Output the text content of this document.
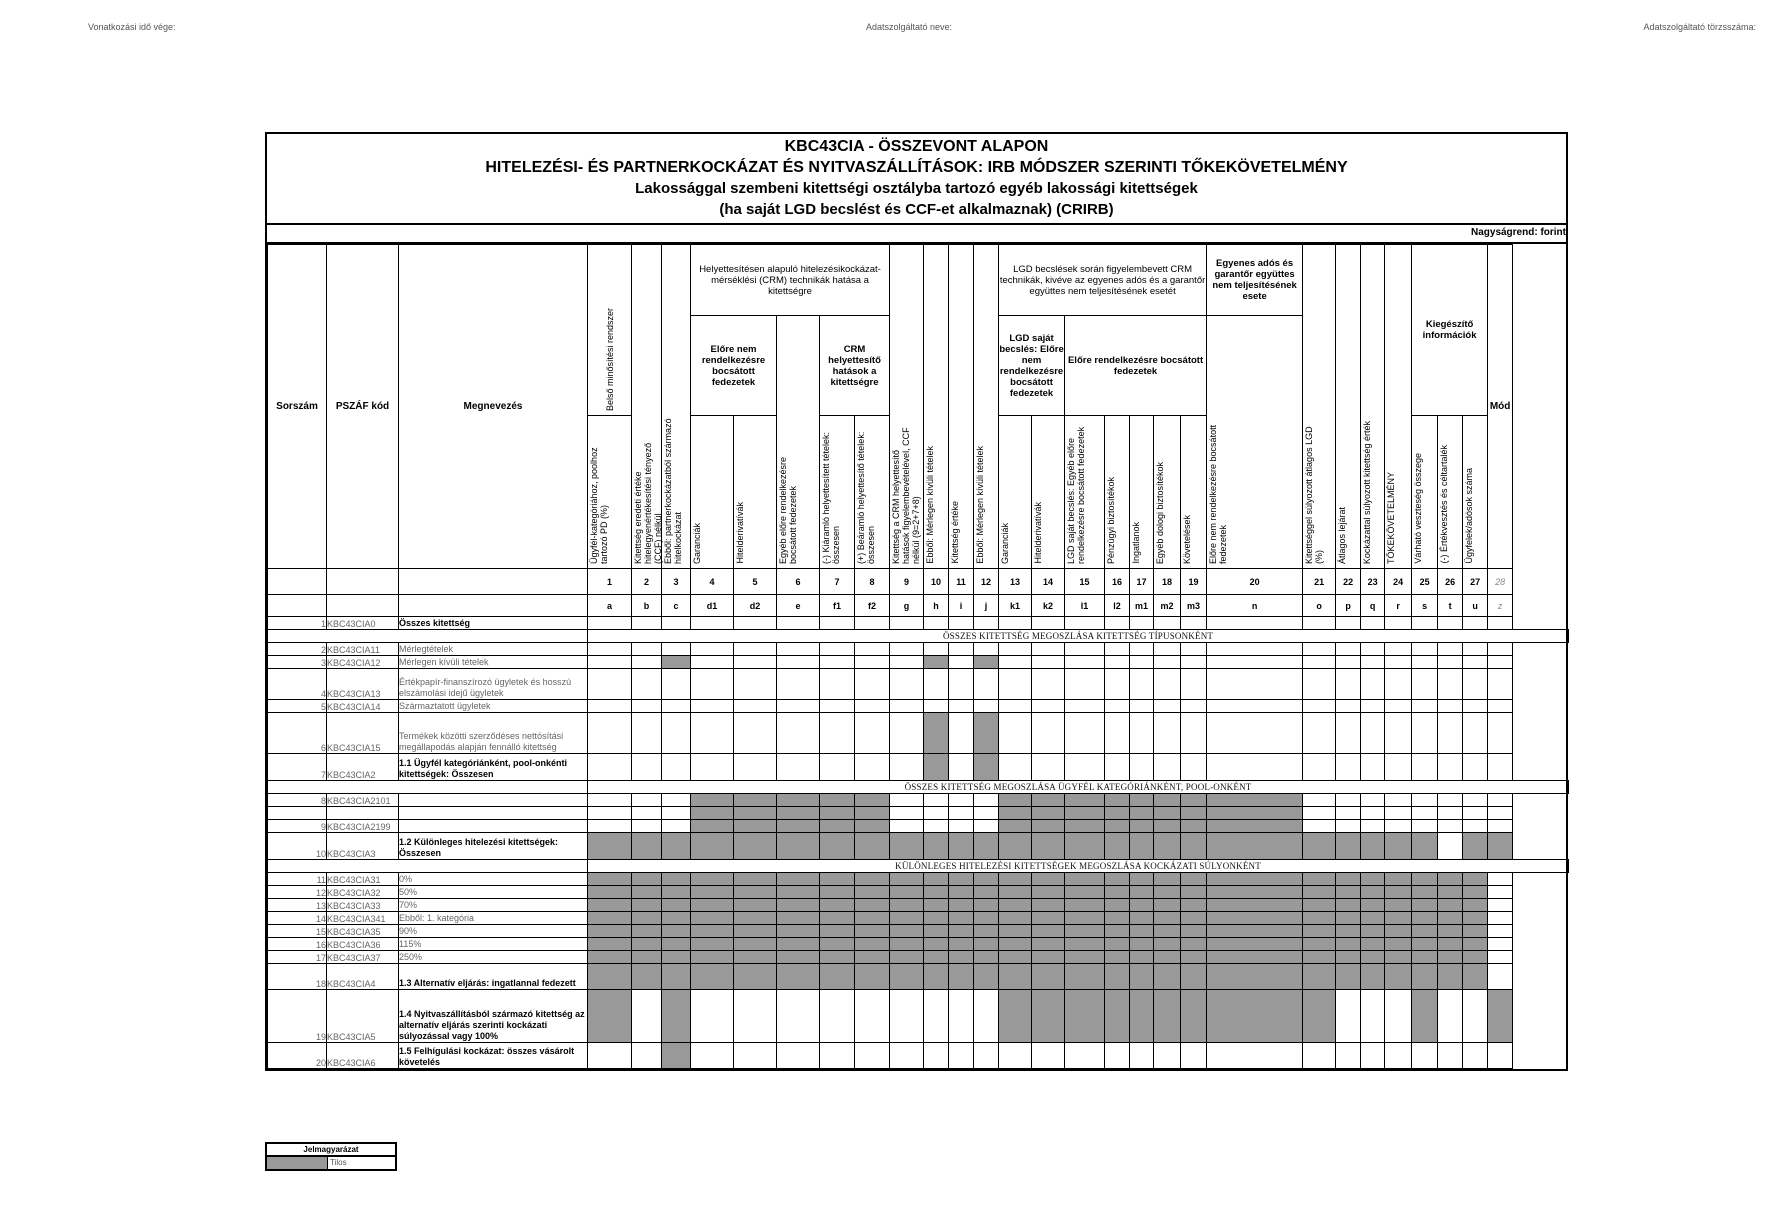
Vonatkozási idő vége:	Adatszolgáltató neve:	Adatszolgáltató törzsszáma:
KBC43CIA - ÖSSZEVONT ALAPON
HITELEZÉSI- ÉS PARTNERKOCKÁZAT ÉS NYITVASZÁLLÍTÁSOK: IRB MÓDSZER SZERINTI TŐKEKÖVETELMÉNY
Lakossággal szembeni kitettségi osztályba tartozó egyéb lakossági kitettségek
(ha saját LGD becslést és CCF-et alkalmaznak) (CRIRB)
Nagyságrend: forint
Sorszám	PSZÁF kód	Megnevezés	Belső minősítési rendszer	Kitettség eredeti értéke hitelegyenértékesítési tényező (CCF) nélkül	Ebből: partnerkockázatból származó hitelkockázat	Helyettesítésen alapuló hitelezésikockázat-mérséklési (CRM) technikák hatása a kitettségre					Kitettség a CRM helyettesítő hatások figyelembevételével, CCF nélkül (9=2+7+8)	Ebből: Mérlegen kívüli tételek	Kitettség értéke	Ebből: Mérlegen kívüli tételek	LGD becslések során figyelembevett CRM technikák, kivéve az egyenes adós és a garantőr együttes nem teljesítésének esetét							Egyenes adós és garantőr együttes nem teljesítésének esete	Kitettséggel súlyozott átlagos LGD (%)	Átlagos lejárat	Kockázattal súlyozott kitettség érték	TŐKEKÖVETELMÉNY	Kiegészítő információk			Mód
						Előre nem rendelkezésre bocsátott fedezetek		Egyéb előre rendelkezésre bocsátott fedezetek	CRM helyettesítő hatások a kitettségre						LGD saját becslés: Előre nem rendelkezésre bocsátott fedezetek		Előre rendelkezésre bocsátott fedezetek					Előre nem rendelkezésre bocsátott fedezetek								
			Ügyfél-kategóriához, poolhoz tartozó PD (%)			Garanciák	Hitelderivatívák		(-) Kiáramló helyettesített tételek: összesen	(+) Beáramló helyettesítő tételek: összesen					Garanciák	Hitelderivatívák	LGD saját becslés: Egyéb előre rendelkezésre bocsátott fedezetek	Pénzügyi biztosítékok	Ingatlanok	Egyéb dologi biztosítékok	Követelések						Várható veszteség összege	(-) Értékvesztés és céltartalék	Ügyfelek/adósok száma	
			1	2	3	4	5	6	7	8	9	10	11	12	13	14	15	16	17	18	19	20	21	22	23	24	25	26	27	28
			a	b	c	d1	d2	e	f1	f2	g	h	i	j	k1	k2	l1	l2	m1	m2	m3	n	o	p	q	r	s	t	u	z
1	KBC43CIA0	Összes kitettség																												
			ÖSSZES KITETTSÉG MEGOSZLÁSA KITETTSÉG TÍPUSONKÉNT																											
2	KBC43CIA11	Mérlegtételek																												
3	KBC43CIA12	Mérlegen kívüli tételek																												
4	KBC43CIA13	Értékpapír-finanszírozó ügyletek és hosszú elszámolási idejű ügyletek																												
5	KBC43CIA14	Származtatott ügyletek																												
6	KBC43CIA15	Termékek közötti szerződéses nettósítási megállapodás alapján fennálló kitettség																												
7	KBC43CIA2	1.1 Ügyfél kategóriánként, pool-onkénti kitettségek: Összesen																												
			ÖSSZES KITETTSÉG MEGOSZLÁSA ÜGYFÉL KATEGÓRIÁNKÉNT, POOL-ONKÉNT																											
8	KBC43CIA2101																													

9	KBC43CIA2199																													
10	KBC43CIA3	1.2 Különleges hitelezési kitettségek: Összesen																												
			KÜLÖNLEGES HITELEZÉSI KITETTSÉGEK MEGOSZLÁSA KOCKÁZATI SÚLYONKÉNT																											
11	KBC43CIA31	0%																												
12	KBC43CIA32	50%																												
13	KBC43CIA33	70%																												
14	KBC43CIA341	Ebből: 1. kategória																												
15	KBC43CIA35	90%																												
16	KBC43CIA36	115%																												
17	KBC43CIA37	250%																												
18	KBC43CIA4	1.3 Alternatív eljárás: ingatlannal fedezett																												
19	KBC43CIA5	1.4 Nyitvaszállításból származó kitettség az alternatív eljárás szerinti kockázati súlyozással vagy 100%																												
20	KBC43CIA6	1.5 Felhígulási kockázat: összes vásárolt követelés																												
Jelmagyarázat
Tilos
